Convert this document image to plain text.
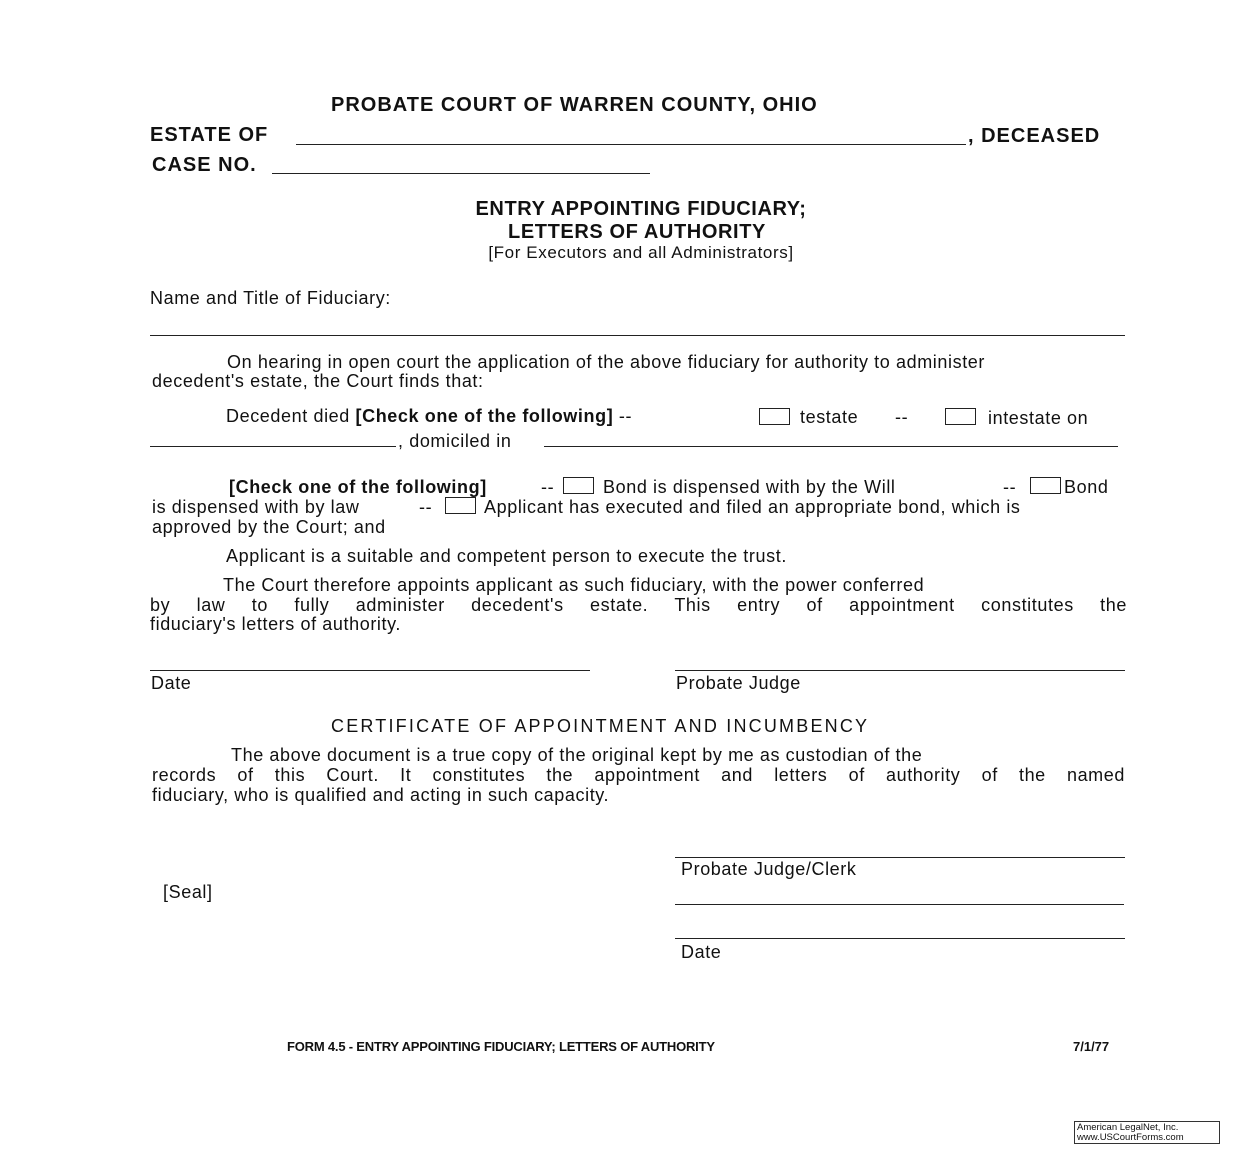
PROBATE COURT OF WARREN COUNTY, OHIO
ESTATE OF	, DECEASED
CASE NO.
ENTRY APPOINTING FIDUCIARY;
LETTERS OF AUTHORITY
[For Executors and all Administrators]
Name and Title of Fiduciary:
On hearing in open court the application of the above fiduciary for authority to administer
decedent's estate, the Court finds that:
Decedent died [Check one of the following] --	testate --	intestate on
, domiciled in
[Check one of the following]	--	Bond is dispensed with by the Will	--	Bond
is dispensed with by law	--	Applicant has executed and filed an appropriate bond, which is
approved by the Court; and
Applicant is a suitable and competent person to execute the trust.
The Court therefore appoints applicant as such fiduciary, with the power conferred
by law to fully administer decedent's estate. This entry of appointment constitutes the
fiduciary's letters of authority.
Date	Probate Judge
CERTIFICATE OF APPOINTMENT AND INCUMBENCY
The above document is a true copy of the original kept by me as custodian of the
records of this Court. It constitutes the appointment and letters of authority of the named
fiduciary, who is qualified and acting in such capacity.
Probate Judge/Clerk
[Seal]
Date
FORM 4.5 - ENTRY APPOINTING FIDUCIARY; LETTERS OF AUTHORITY	7/1/77
American LegalNet, Inc.
www.USCourtForms.com
